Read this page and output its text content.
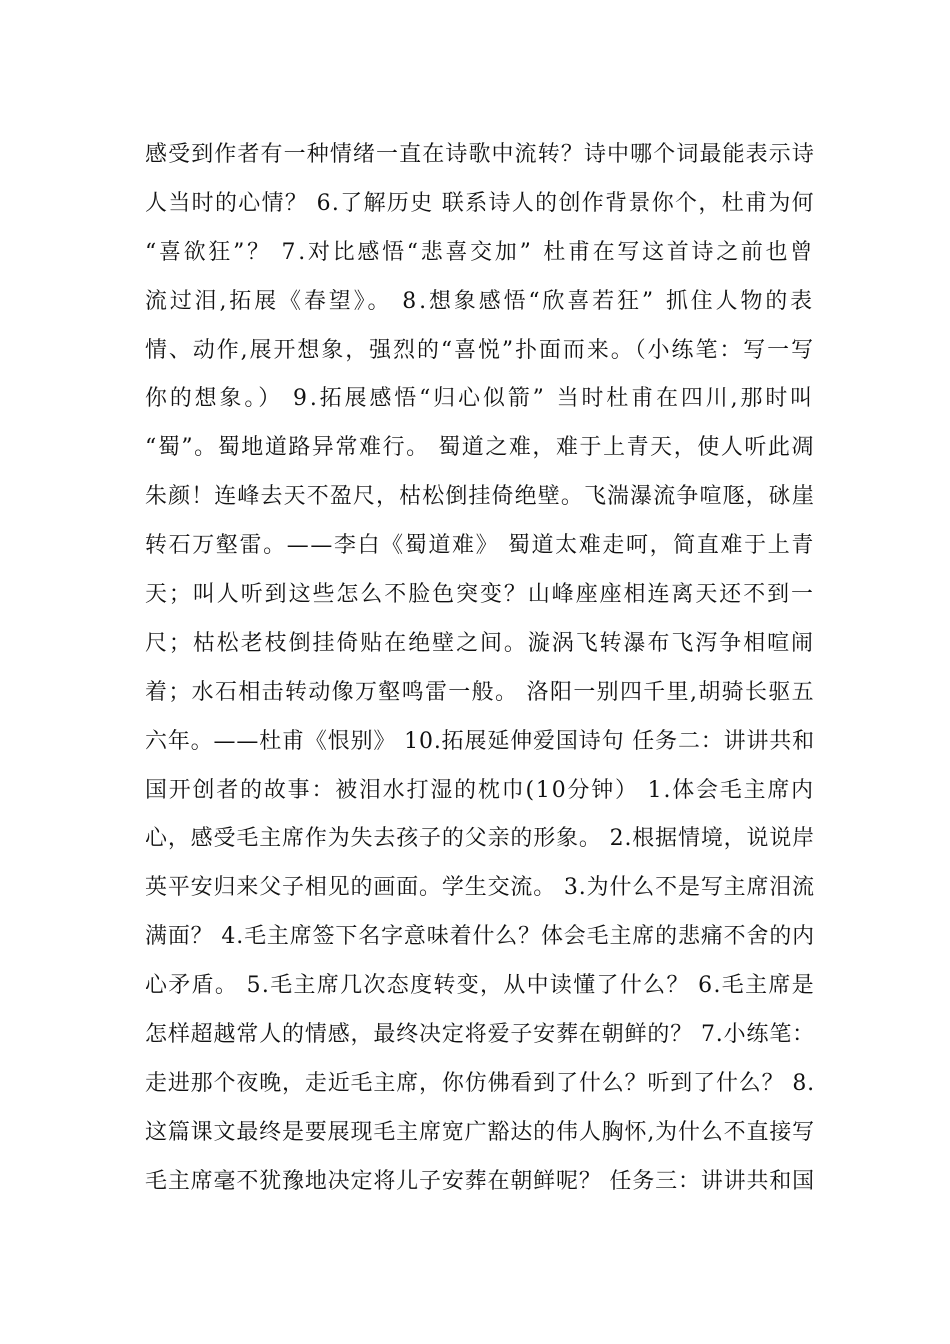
感受到作者有一种情绪一直在诗歌中流转？诗中哪个词最能表示诗
人当时的心情？ 6.了解历史 联系诗人的创作背景你个，杜甫为何
“喜欲狂”？ 7.对比感悟“悲喜交加” 杜甫在写这首诗之前也曾
流过泪,拓展《春望》。 8.想象感悟“欣喜若狂” 抓住人物的表
情、动作,展开想象，强烈的“喜悦”扑面而来。（小练笔：写一写
你的想象。） 9.拓展感悟“归心似箭” 当时杜甫在四川,那时叫
“蜀”。蜀地道路异常难行。 蜀道之难，难于上青天，使人听此凋
朱颜！连峰去天不盈尺，枯松倒挂倚绝壁。飞湍瀑流争喧豗，砯崖
转石万壑雷。——李白《蜀道难》 蜀道太难走呵，简直难于上青
天；叫人听到这些怎么不脸色突变？山峰座座相连离天还不到一
尺；枯松老枝倒挂倚贴在绝壁之间。漩涡飞转瀑布飞泻争相喧闹
着；水石相击转动像万壑鸣雷一般。 洛阳一别四千里,胡骑长驱五
六年。——杜甫《恨别》 10.拓展延伸爱国诗句 任务二：讲讲共和
国开创者的故事：被泪水打湿的枕巾(10分钟） 1.体会毛主席内
心，感受毛主席作为失去孩子的父亲的形象。 2.根据情境，说说岸
英平安归来父子相见的画面。学生交流。 3.为什么不是写主席泪流
满面？ 4.毛主席签下名字意味着什么？体会毛主席的悲痛不舍的内
心矛盾。 5.毛主席几次态度转变，从中读懂了什么？ 6.毛主席是
怎样超越常人的情感，最终决定将爱子安葬在朝鲜的？ 7.小练笔：
走进那个夜晚，走近毛主席，你仿佛看到了什么？听到了什么？ 8.
这篇课文最终是要展现毛主席宽广豁达的伟人胸怀,为什么不直接写
毛主席毫不犹豫地决定将儿子安葬在朝鲜呢？ 任务三：讲讲共和国
